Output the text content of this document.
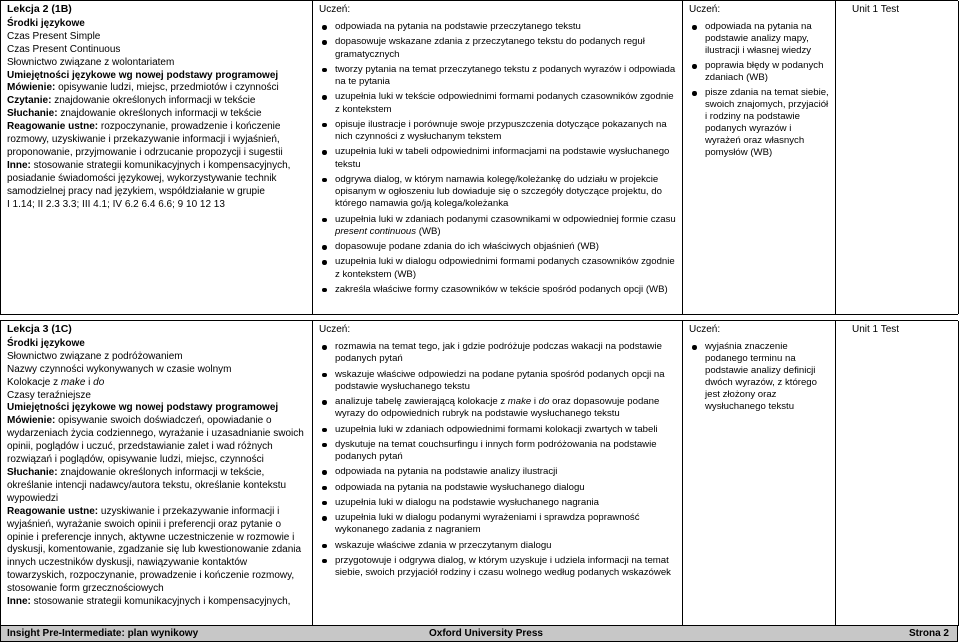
Lekcja 2 (1B)

Środki językowe

Czas Present Simple

Czas Present Continuous

Słownictwo związane z wolontariatem

Umiejętności językowe wg nowej podstawy programowej

Mówienie: opisywanie ludzi, miejsc, przedmiotów i czynności

Czytanie: znajdowanie określonych informacji w tekście

Słuchanie: znajdowanie określonych informacji w tekście

Reagowanie ustne: rozpoczynanie, prowadzenie i kończenie rozmowy, uzyskiwanie i przekazywanie informacji i wyjaśnień, proponowanie, przyjmowanie i odrzucanie propozycji i sugestii

Inne: stosowanie strategii komunikacyjnych i kompensacyjnych, posiadanie świadomości językowej, wykorzystywanie technik samodzielnej pracy nad językiem, współdziałanie w grupie

I 1.14; II 2.3 3.3; III 4.1; IV 6.2 6.4 6.6; 9 10 12 13

Uczeń:
odpowiada na pytania na podstawie przeczytanego tekstu
dopasowuje wskazane zdania z przeczytanego tekstu do podanych reguł gramatycznych
tworzy pytania na temat przeczytanego tekstu z podanych wyrazów i odpowiada na te pytania
uzupełnia luki w tekście odpowiednimi formami podanych czasowników zgodnie z kontekstem
opisuje ilustracje i porównuje swoje przypuszczenia dotyczące pokazanych na nich czynności z wysłuchanym tekstem
uzupełnia luki w tabeli odpowiednimi informacjami na podstawie wysłuchanego tekstu
odgrywa dialog, w którym namawia kolegę/koleżankę do udziału w projekcie opisanym w ogłoszeniu lub dowiaduje się o szczegóły dotyczące projektu, do którego namawia go/ją kolega/koleżanka
uzupełnia luki w zdaniach podanymi czasownikami w odpowiedniej formie czasu present continuous (WB)
dopasowuje podane zdania do ich właściwych objaśnień (WB)
uzupełnia luki w dialogu odpowiednimi formami podanych czasowników zgodnie z kontekstem (WB)
zakreśla właściwe formy czasowników w tekście spośród podanych opcji (WB)
Uczeń:
odpowiada na pytania na podstawie analizy mapy, ilustracji i własnej wiedzy
poprawia błędy w podanych zdaniach (WB)
pisze zdania na temat siebie, swoich znajomych, przyjaciół i rodziny na podstawie podanych wyrazów i wyrażeń oraz własnych pomysłów (WB)
Unit 1 Test
Lekcja 3 (1C)

Środki językowe

Słownictwo związane z podróżowaniem

Nazwy czynności wykonywanych w czasie wolnym

Kolokacje z make i do

Czasy teraźniejsze

Umiejętności językowe wg nowej podstawy programowej

Mówienie: opisywanie swoich doświadczeń, opowiadanie o wydarzeniach życia codziennego, wyrażanie i uzasadnianie swoich opinii, poglądów i uczuć, przedstawianie zalet i wad różnych rozwiązań i poglądów, opisywanie ludzi, miejsc, czynności

Słuchanie: znajdowanie określonych informacji w tekście, określanie intencji nadawcy/autora tekstu, określanie kontekstu wypowiedzi

Reagowanie ustne: uzyskiwanie i przekazywanie informacji i wyjaśnień, wyrażanie swoich opinii i preferencji oraz pytanie o opinie i preferencje innych, aktywne uczestniczenie w rozmowie i dyskusji, komentowanie, zgadzanie się lub kwestionowanie zdania innych uczestników dyskusji, nawiązywanie kontaktów towarzyskich, rozpoczynanie, prowadzenie i kończenie rozmowy, stosowanie form grzecznościowych

Inne: stosowanie strategii komunikacyjnych i kompensacyjnych,

Uczeń:
rozmawia na temat tego, jak i gdzie podróżuje podczas wakacji na podstawie podanych pytań
wskazuje właściwe odpowiedzi na podane pytania spośród podanych opcji na podstawie wysłuchanego tekstu
analizuje tabelę zawierającą kolokacje z make i do oraz dopasowuje podane wyrazy do odpowiednich rubryk na podstawie wysłuchanego tekstu
uzupełnia luki w zdaniach odpowiednimi formami kolokacji zwartych w tabeli
dyskutuje na temat couchsurfingu i innych form podróżowania na podstawie podanych pytań
odpowiada na pytania na podstawie analizy ilustracji
odpowiada na pytania na podstawie wysłuchanego dialogu
uzupełnia luki w dialogu na podstawie wysłuchanego nagrania
uzupełnia luki w dialogu podanymi wyrażeniami i sprawdza poprawność wykonanego zadania z nagraniem
wskazuje właściwe zdania w przeczytanym dialogu
przygotowuje i odgrywa dialog, w którym uzyskuje i udziela informacji na temat siebie, swoich przyjaciół rodziny i czasu wolnego według podanych wskazówek
Uczeń:
wyjaśnia znaczenie podanego terminu na podstawie analizy definicji dwóch wyrazów, z którego jest złożony oraz wysłuchanego tekstu
Unit 1 Test
Insight Pre-Intermediate: plan wynikowy	Oxford University Press	Strona 2
